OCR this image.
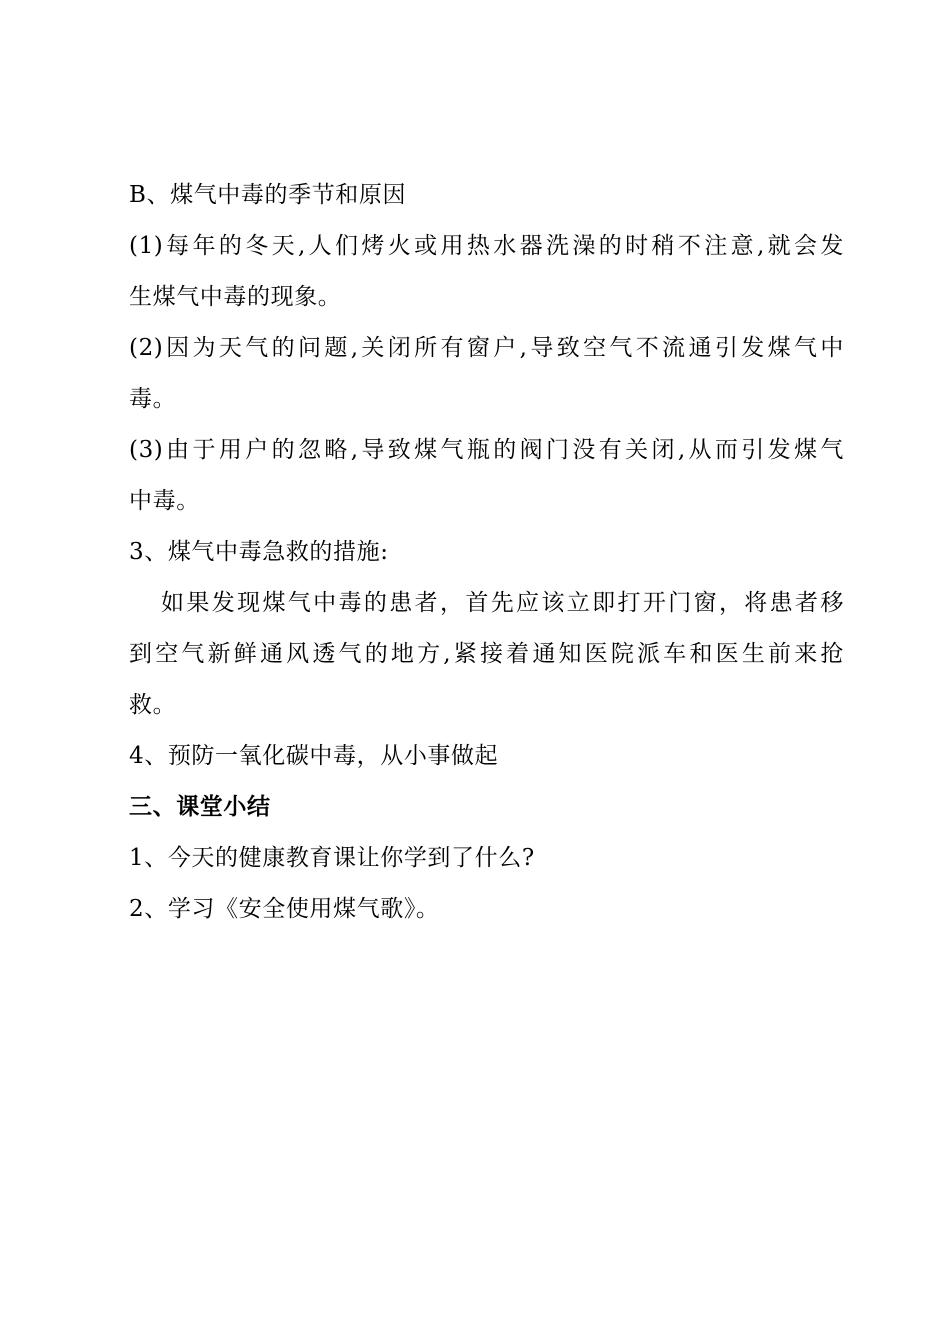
B、煤气中毒的季节和原因
(1)每年的冬天,人们烤火或用热水器洗澡的时稍不注意,就会发
生煤气中毒的现象。
(2)因为天气的问题,关闭所有窗户,导致空气不流通引发煤气中
毒。
(3)由于用户的忽略,导致煤气瓶的阀门没有关闭,从而引发煤气
中毒。
3、煤气中毒急救的措施:
如果发现煤气中毒的患者，首先应该立即打开门窗，将患者移
到空气新鲜通风透气的地方,紧接着通知医院派车和医生前来抢
救。
4、预防一氧化碳中毒，从小事做起
三、课堂小结
1、今天的健康教育课让你学到了什么?
2、学习《安全使用煤气歌》。
